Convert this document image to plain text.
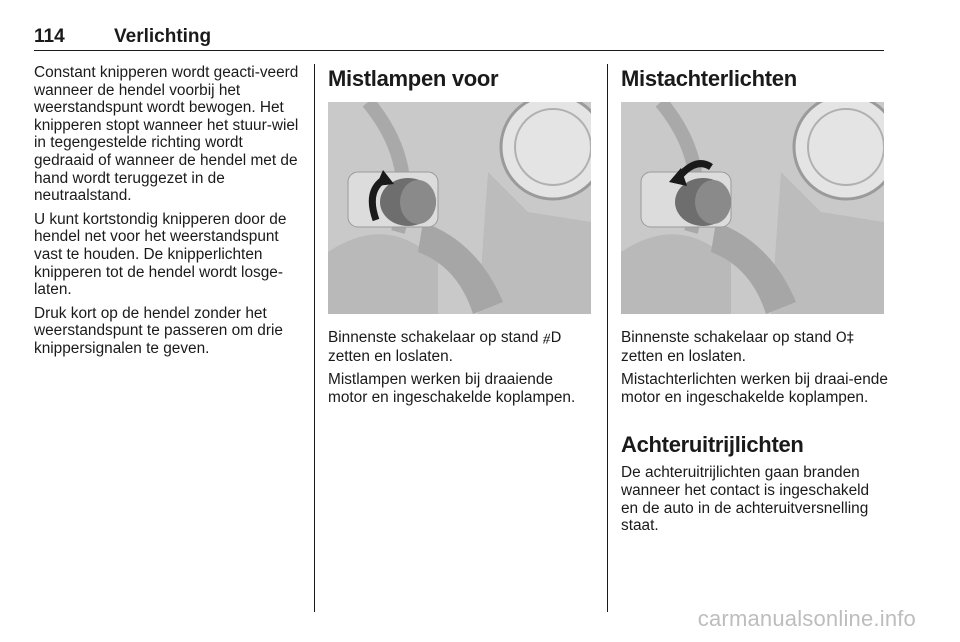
114	Verlichting

Constant knipperen wordt geacti-veerd wanneer de hendel voorbij het weerstandspunt wordt bewogen. Het knipperen stopt wanneer het stuur-wiel in tegengestelde richting wordt gedraaid of wanneer de hendel met de hand wordt teruggezet in de neutraalstand.

U kunt kortstondig knipperen door de hendel net voor het weerstandspunt vast te houden. De knipperlichten knipperen tot de hendel wordt losge-laten.

Druk kort op de hendel zonder het weerstandspunt te passeren om drie knippersignalen te geven.

Mistlampen voor

Binnenste schakelaar op stand ⧣D
zetten en loslaten.

Mistlampen werken bij draaiende motor en ingeschakelde koplampen.

Mistachterlichten

Binnenste schakelaar op stand O‡
zetten en loslaten.

Mistachterlichten werken bij draai-ende motor en ingeschakelde koplampen.

Achteruitrijlichten

De achteruitrijlichten gaan branden wanneer het contact is ingeschakeld en de auto in de achteruitversnelling staat.

carmanualsonline.info
